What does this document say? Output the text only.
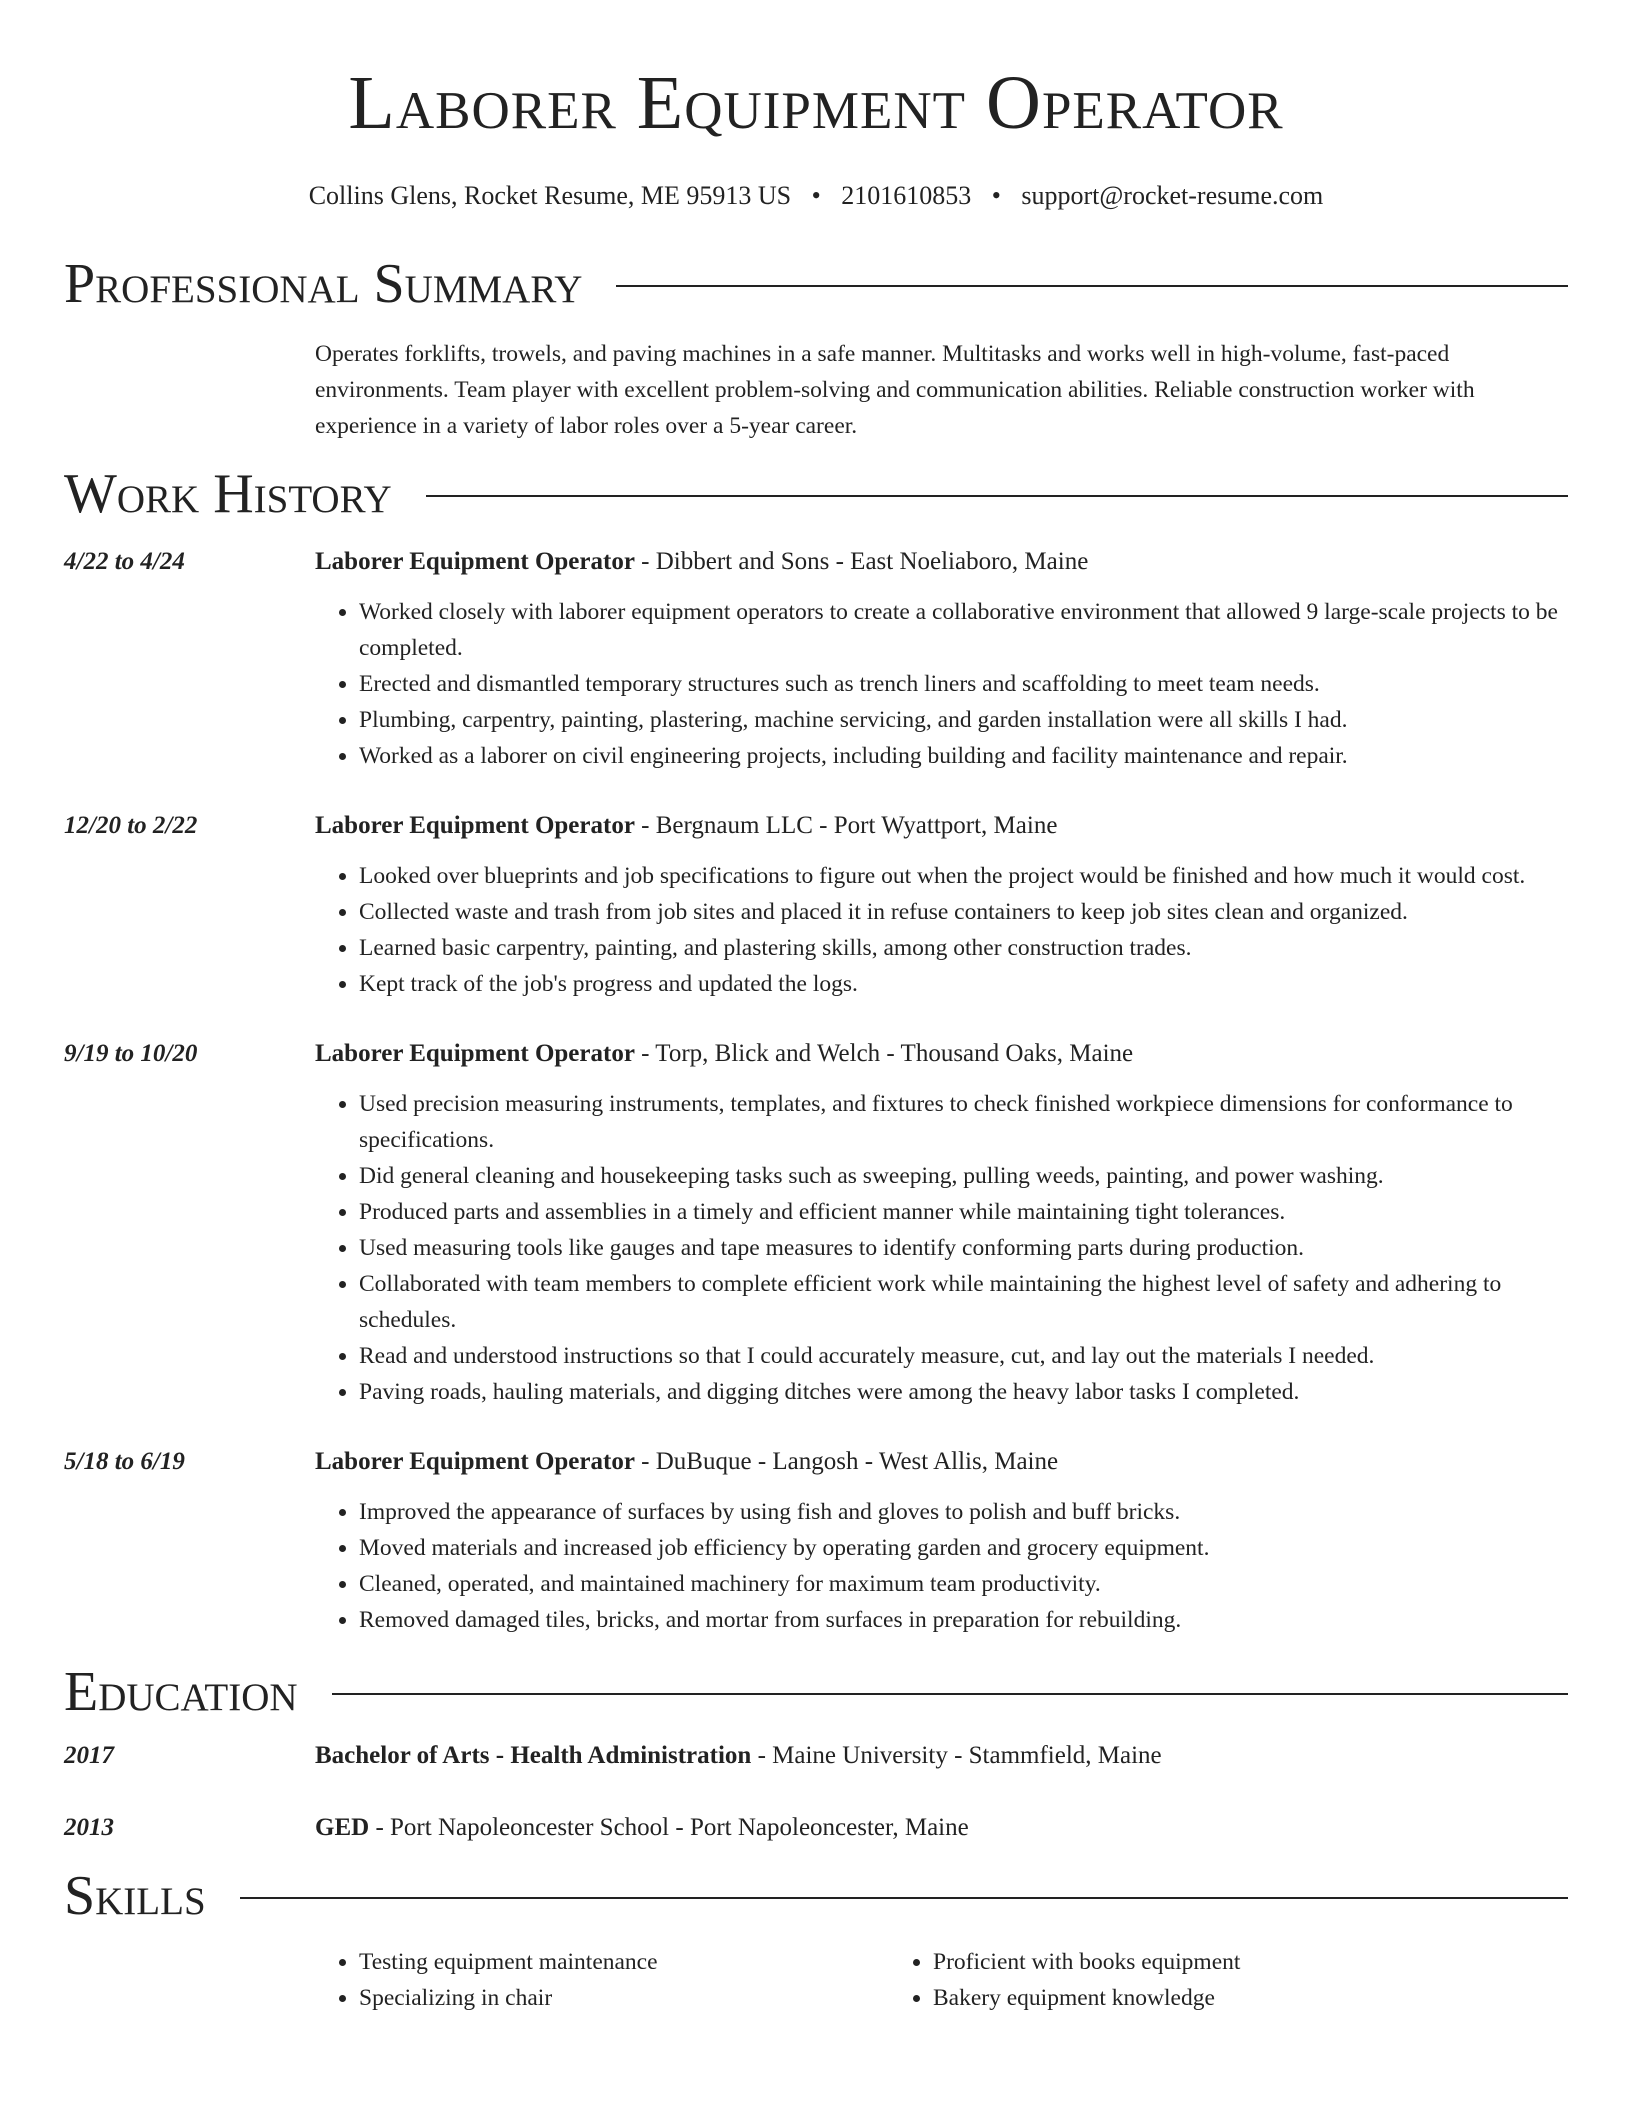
Laborer Equipment Operator
Collins Glens, Rocket Resume, ME 95913 US • 2101610853 • support@rocket-resume.com
Professional Summary
Operates forklifts, trowels, and paving machines in a safe manner. Multitasks and works well in high-volume, fast-paced environments. Team player with excellent problem-solving and communication abilities. Reliable construction worker with experience in a variety of labor roles over a 5-year career.
Work History
4/22 to 4/24	Laborer Equipment Operator - Dibbert and Sons - East Noeliaboro, Maine
• Worked closely with laborer equipment operators to create a collaborative environment that allowed 9 large-scale projects to be completed.
• Erected and dismantled temporary structures such as trench liners and scaffolding to meet team needs.
• Plumbing, carpentry, painting, plastering, machine servicing, and garden installation were all skills I had.
• Worked as a laborer on civil engineering projects, including building and facility maintenance and repair.
12/20 to 2/22	Laborer Equipment Operator - Bergnaum LLC - Port Wyattport, Maine
• Looked over blueprints and job specifications to figure out when the project would be finished and how much it would cost.
• Collected waste and trash from job sites and placed it in refuse containers to keep job sites clean and organized.
• Learned basic carpentry, painting, and plastering skills, among other construction trades.
• Kept track of the job's progress and updated the logs.
9/19 to 10/20	Laborer Equipment Operator - Torp, Blick and Welch - Thousand Oaks, Maine
• Used precision measuring instruments, templates, and fixtures to check finished workpiece dimensions for conformance to specifications.
• Did general cleaning and housekeeping tasks such as sweeping, pulling weeds, painting, and power washing.
• Produced parts and assemblies in a timely and efficient manner while maintaining tight tolerances.
• Used measuring tools like gauges and tape measures to identify conforming parts during production.
• Collaborated with team members to complete efficient work while maintaining the highest level of safety and adhering to schedules.
• Read and understood instructions so that I could accurately measure, cut, and lay out the materials I needed.
• Paving roads, hauling materials, and digging ditches were among the heavy labor tasks I completed.
5/18 to 6/19	Laborer Equipment Operator - DuBuque - Langosh - West Allis, Maine
• Improved the appearance of surfaces by using fish and gloves to polish and buff bricks.
• Moved materials and increased job efficiency by operating garden and grocery equipment.
• Cleaned, operated, and maintained machinery for maximum team productivity.
• Removed damaged tiles, bricks, and mortar from surfaces in preparation for rebuilding.
Education
2017	Bachelor of Arts - Health Administration - Maine University - Stammfield, Maine
2013	GED - Port Napoleoncester School - Port Napoleoncester, Maine
Skills
• Testing equipment maintenance
• Specializing in chair
• Proficient with books equipment
• Bakery equipment knowledge
